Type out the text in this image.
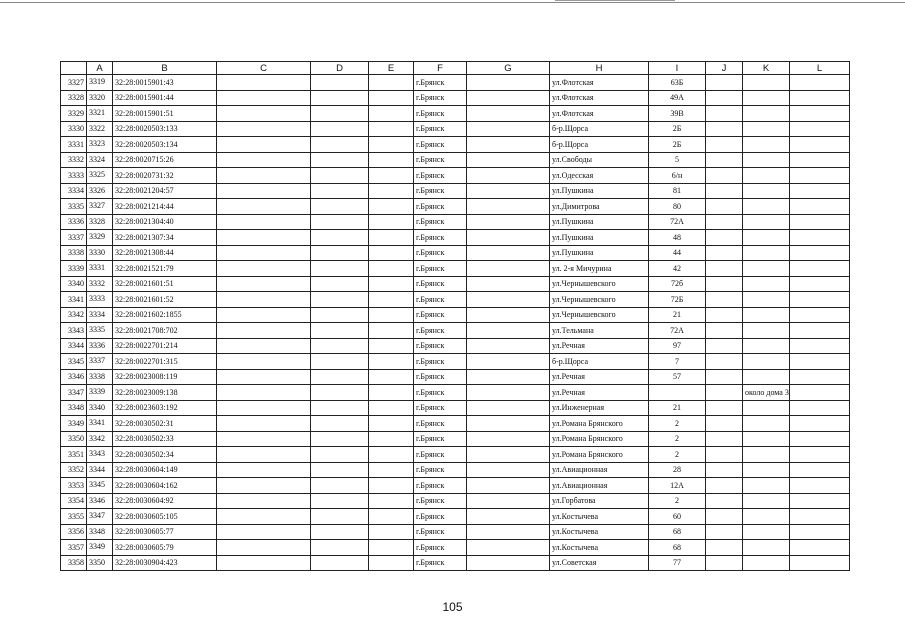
	A	B	C	D	E	F	G	H	I	J	K	L
3327	3319	32:28:0015901:43				г.Брянск		ул.Флотская	63Б			
3328	3320	32:28:0015901:44				г.Брянск		ул.Флотская	49А			
3329	3321	32:28:0015901:51				г.Брянск		ул.Флотская	39В			
3330	3322	32:28:0020503:133				г.Брянск		б-р.Щорса	2Б			
3331	3323	32:28:0020503:134				г.Брянск		б-р.Щорса	2Б			
3332	3324	32:28:0020715:26				г.Брянск		ул.Свободы	5			
3333	3325	32:28:0020731:32				г.Брянск		ул.Одесская	6/н			
3334	3326	32:28:0021204:57				г.Брянск		ул.Пушкина	81			
3335	3327	32:28:0021214:44				г.Брянск		ул.Димитрова	80			
3336	3328	32:28:0021304:40				г.Брянск		ул.Пушкина	72А			
3337	3329	32:28:0021307:34				г.Брянск		ул.Пушкина	48			
3338	3330	32:28:0021308:44				г.Брянск		ул.Пушкина	44			
3339	3331	32:28:0021521:79				г.Брянск		ул. 2-я Мичурина	42			
3340	3332	32:28:0021601:51				г.Брянск		ул.Чернышевского	72б			
3341	3333	32:28:0021601:52				г.Брянск		ул.Чернышевского	72Б			
3342	3334	32:28:0021602:1855				г.Брянск		ул.Чернышевского	21			
3343	3335	32:28:0021708:702				г.Брянск		ул.Тельмана	72А			
3344	3336	32:28:0022701:214				г.Брянск		ул.Речная	97			
3345	3337	32:28:0022701:315				г.Брянск		б-р.Щорса	7			
3346	3338	32:28:0023008:119				г.Брянск		ул.Речная	57			
3347	3339	32:28:0023009:138				г.Брянск		ул.Речная			около дома 3	
3348	3340	32:28:0023603:192				г.Брянск		ул.Инженерная	21			
3349	3341	32:28:0030502:31				г.Брянск		ул.Романа Брянского	2			
3350	3342	32:28:0030502:33				г.Брянск		ул.Романа Брянского	2			
3351	3343	32:28:0030502:34				г.Брянск		ул.Романа Брянского	2			
3352	3344	32:28:0030604:149				г.Брянск		ул.Авиационная	28			
3353	3345	32:28:0030604:162				г.Брянск		ул.Авиационная	12А			
3354	3346	32:28:0030604:92				г.Брянск		ул.Горбатова	2			
3355	3347	32:28:0030605:105				г.Брянск		ул.Костычева	60			
3356	3348	32:28:0030605:77				г.Брянск		ул.Костычева	68			
3357	3349	32:28:0030605:79				г.Брянск		ул.Костычева	68			
3358	3350	32:28:0030904:423				г.Брянск		ул.Советская	77			
105
